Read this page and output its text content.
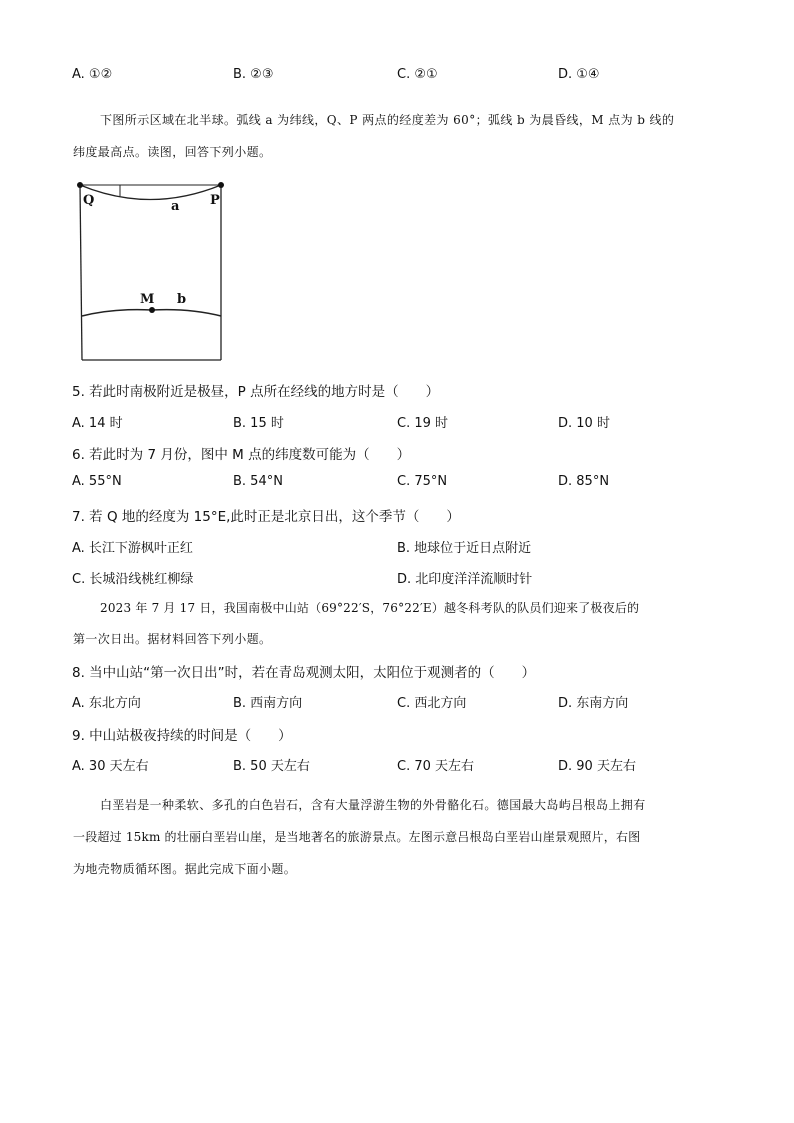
A. ①②	B. ②③	C. ②①	D. ①④
下图所示区域在北半球。弧线 a 为纬线，Q、P 两点的经度差为 60°；弧线 b 为晨昏线，M 点为 b 线的
纬度最高点。读图，回答下列小题。
Q	P
a
M b
5. 若此时南极附近是极昼，P 点所在经线的地方时是（　　）
A. 14 时	B. 15 时	C. 19 时	D. 10 时
6. 若此时为 7 月份，图中 M 点的纬度数可能为（　　）
A. 55°N	B. 54°N	C. 75°N	D. 85°N
7. 若 Q 地的经度为 15°E,此时正是北京日出，这个季节（　　）
A. 长江下游枫叶正红	B. 地球位于近日点附近
C. 长城沿线桃红柳绿	D. 北印度洋洋流顺时针
2023 年 7 月 17 日，我国南极中山站（69°22′S，76°22′E）越冬科考队的队员们迎来了极夜后的
第一次日出。据材料回答下列小题。
8. 当中山站“第一次日出”时，若在青岛观测太阳，太阳位于观测者的（　　）
A. 东北方向	B. 西南方向	C. 西北方向	D. 东南方向
9. 中山站极夜持续的时间是（　　）
A. 30 天左右	B. 50 天左右	C. 70 天左右	D. 90 天左右
白垩岩是一种柔软、多孔的白色岩石，含有大量浮游生物的外骨骼化石。德国最大岛屿吕根岛上拥有
一段超过 15km 的壮丽白垩岩山崖，是当地著名的旅游景点。左图示意吕根岛白垩岩山崖景观照片，右图
为地壳物质循环图。据此完成下面小题。
